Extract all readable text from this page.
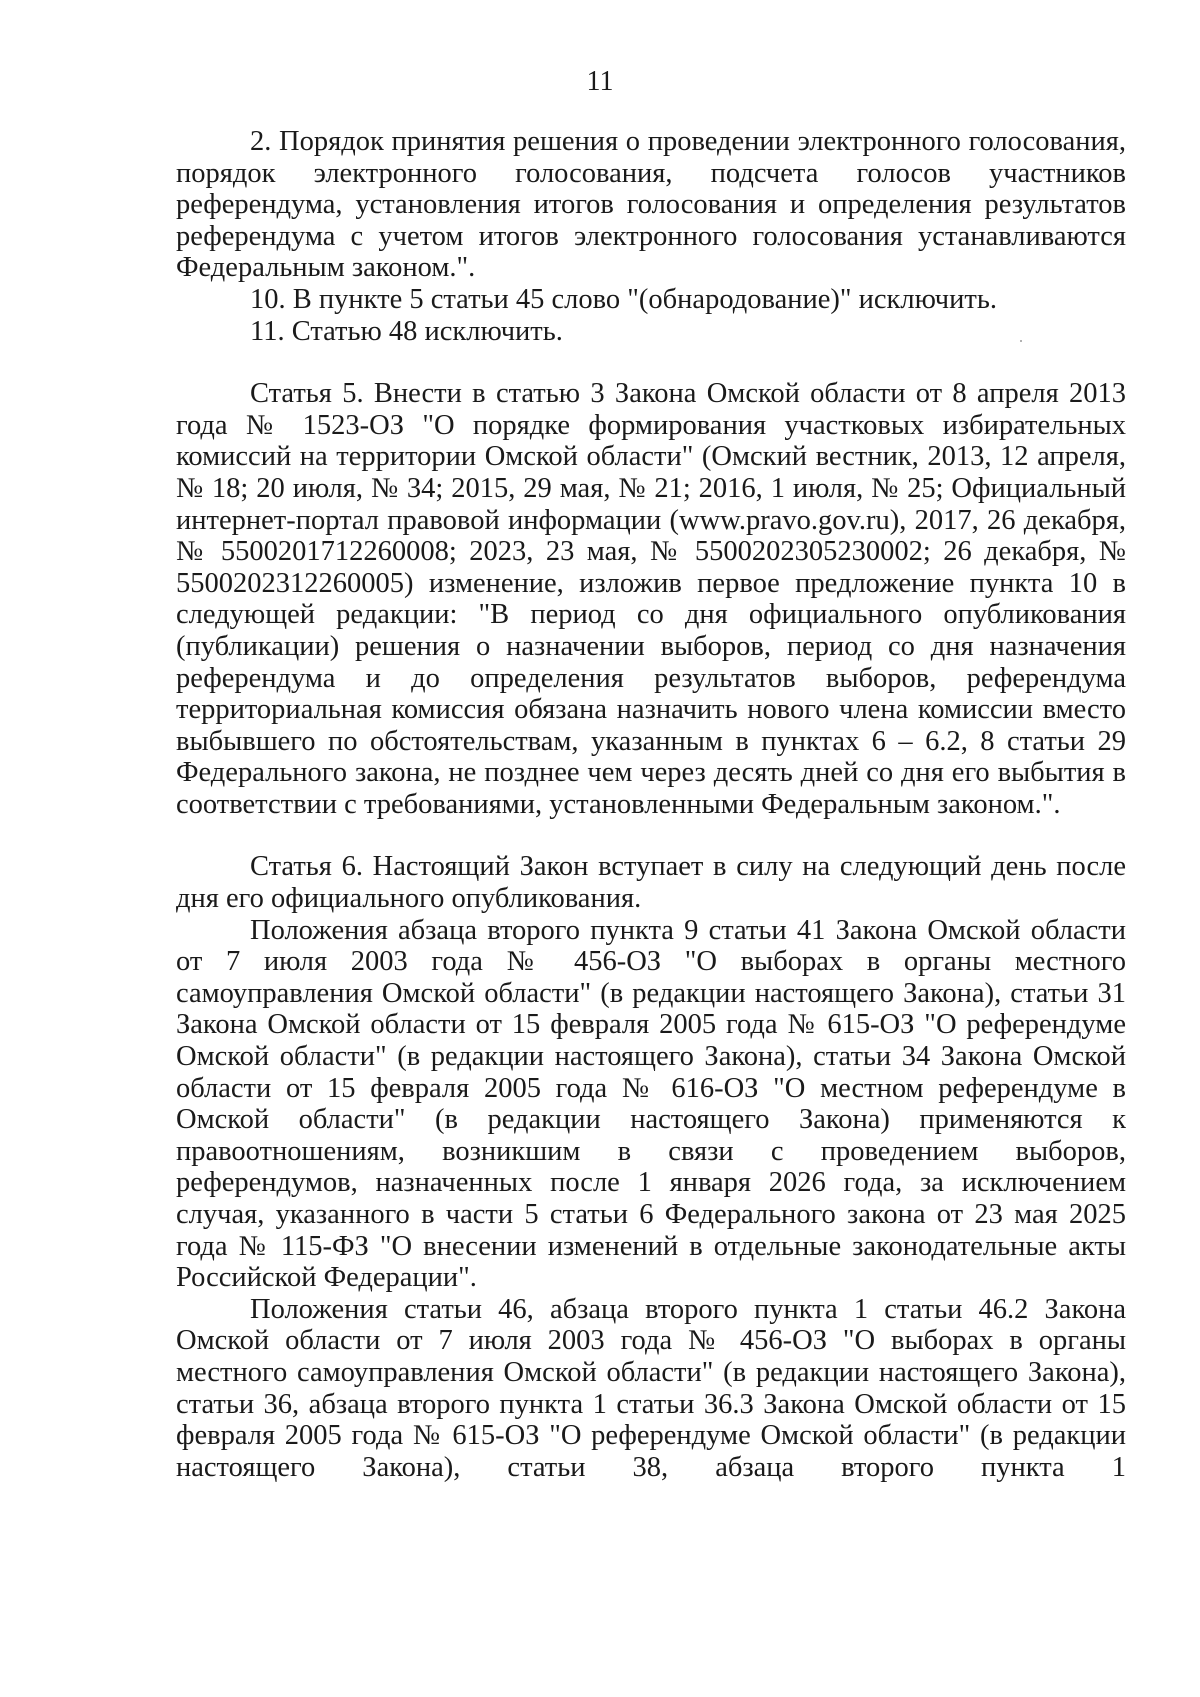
11

2. Порядок принятия решения о проведении электронного голосования, порядок электронного голосования, подсчета голосов участников референдума, установления итогов голосования и определения результатов референдума с учетом итогов электронного голосования устанавливаются Федеральным законом.".

10. В пункте 5 статьи 45 слово "(обнародование)" исключить.

11. Статью 48 исключить.

Статья 5. Внести в статью 3 Закона Омской области от 8 апреля 2013 года № 1523-ОЗ "О порядке формирования участковых избирательных комиссий на территории Омской области" (Омский вестник, 2013, 12 апреля, № 18; 20 июля, № 34; 2015, 29 мая, № 21; 2016, 1 июля, № 25; Официальный интернет-портал правовой информации (www.pravo.gov.ru), 2017, 26 декабря, № 5500201712260008; 2023, 23 мая, № 5500202305230002; 26 декабря, № 5500202312260005) изменение, изложив первое предложение пункта 10 в следующей редакции: "В период со дня официального опубликования (публикации) решения о назначении выборов, период со дня назначения референдума и до определения результатов выборов, референдума территориальная комиссия обязана назначить нового члена комиссии вместо выбывшего по обстоятельствам, указанным в пунктах 6 – 6.2, 8 статьи 29 Федерального закона, не позднее чем через десять дней со дня его выбытия в соответствии с требованиями, установленными Федеральным законом.".

Статья 6. Настоящий Закон вступает в силу на следующий день после дня его официального опубликования.

Положения абзаца второго пункта 9 статьи 41 Закона Омской области от 7 июля 2003 года № 456-ОЗ "О выборах в органы местного самоуправления Омской области" (в редакции настоящего Закона), статьи 31 Закона Омской области от 15 февраля 2005 года № 615-ОЗ "О референдуме Омской области" (в редакции настоящего Закона), статьи 34 Закона Омской области от 15 февраля 2005 года № 616-ОЗ "О местном референдуме в Омской области" (в редакции настоящего Закона) применяются к правоотношениям, возникшим в связи с проведением выборов, референдумов, назначенных после 1 января 2026 года, за исключением случая, указанного в части 5 статьи 6 Федерального закона от 23 мая 2025 года № 115-ФЗ "О внесении изменений в отдельные законодательные акты Российской Федерации".

Положения статьи 46, абзаца второго пункта 1 статьи 46.2 Закона Омской области от 7 июля 2003 года № 456-ОЗ "О выборах в органы местного самоуправления Омской области" (в редакции настоящего Закона), статьи 36, абзаца второго пункта 1 статьи 36.3 Закона Омской области от 15 февраля 2005 года № 615-ОЗ "О референдуме Омской области" (в редакции настоящего Закона), статьи 38, абзаца второго пункта 1
